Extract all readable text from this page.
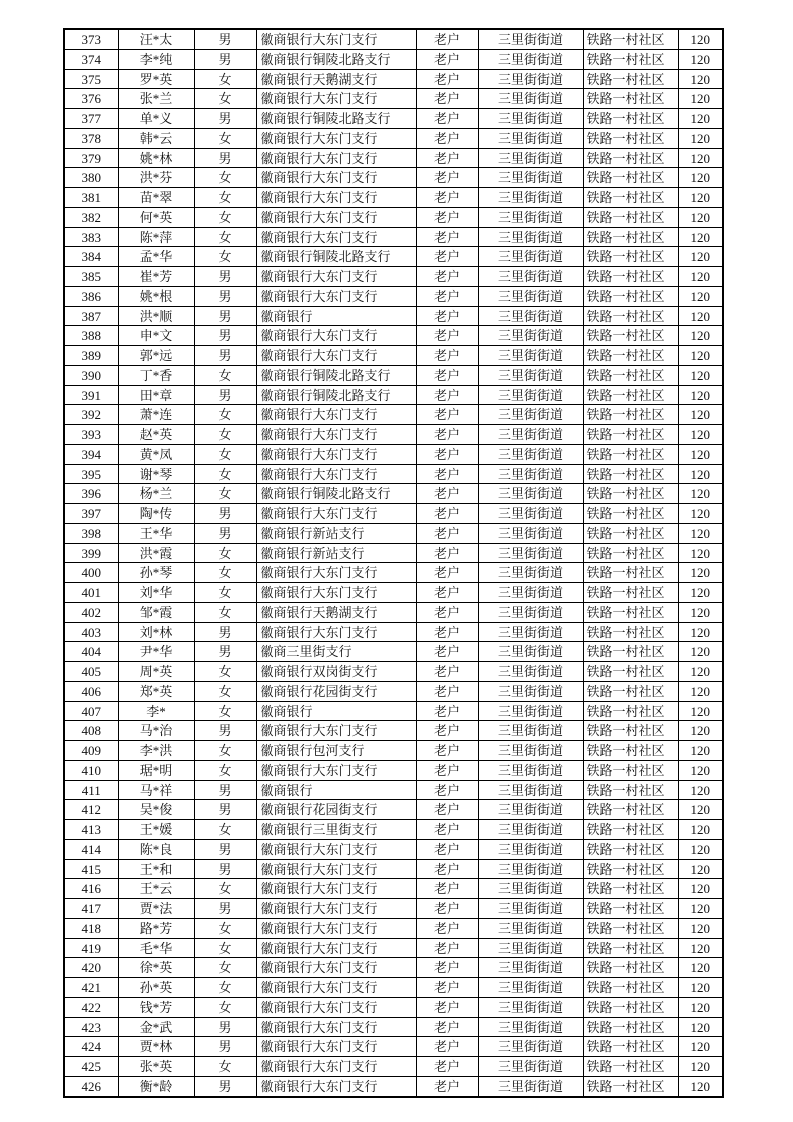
373	汪*太	男	徽商银行大东门支行	老户	三里街街道	铁路一村社区	120
374	李*纯	男	徽商银行铜陵北路支行	老户	三里街街道	铁路一村社区	120
375	罗*英	女	徽商银行天鹅湖支行	老户	三里街街道	铁路一村社区	120
376	张*兰	女	徽商银行大东门支行	老户	三里街街道	铁路一村社区	120
377	单*义	男	徽商银行铜陵北路支行	老户	三里街街道	铁路一村社区	120
378	韩*云	女	徽商银行大东门支行	老户	三里街街道	铁路一村社区	120
379	姚*林	男	徽商银行大东门支行	老户	三里街街道	铁路一村社区	120
380	洪*芬	女	徽商银行大东门支行	老户	三里街街道	铁路一村社区	120
381	苗*翠	女	徽商银行大东门支行	老户	三里街街道	铁路一村社区	120
382	何*英	女	徽商银行大东门支行	老户	三里街街道	铁路一村社区	120
383	陈*萍	女	徽商银行大东门支行	老户	三里街街道	铁路一村社区	120
384	孟*华	女	徽商银行铜陵北路支行	老户	三里街街道	铁路一村社区	120
385	崔*芳	男	徽商银行大东门支行	老户	三里街街道	铁路一村社区	120
386	姚*根	男	徽商银行大东门支行	老户	三里街街道	铁路一村社区	120
387	洪*顺	男	徽商银行	老户	三里街街道	铁路一村社区	120
388	申*文	男	徽商银行大东门支行	老户	三里街街道	铁路一村社区	120
389	郭*远	男	徽商银行大东门支行	老户	三里街街道	铁路一村社区	120
390	丁*香	女	徽商银行铜陵北路支行	老户	三里街街道	铁路一村社区	120
391	田*章	男	徽商银行铜陵北路支行	老户	三里街街道	铁路一村社区	120
392	萧*连	女	徽商银行大东门支行	老户	三里街街道	铁路一村社区	120
393	赵*英	女	徽商银行大东门支行	老户	三里街街道	铁路一村社区	120
394	黄*凤	女	徽商银行大东门支行	老户	三里街街道	铁路一村社区	120
395	谢*琴	女	徽商银行大东门支行	老户	三里街街道	铁路一村社区	120
396	杨*兰	女	徽商银行铜陵北路支行	老户	三里街街道	铁路一村社区	120
397	陶*传	男	徽商银行大东门支行	老户	三里街街道	铁路一村社区	120
398	王*华	男	徽商银行新站支行	老户	三里街街道	铁路一村社区	120
399	洪*霞	女	徽商银行新站支行	老户	三里街街道	铁路一村社区	120
400	孙*琴	女	徽商银行大东门支行	老户	三里街街道	铁路一村社区	120
401	刘*华	女	徽商银行大东门支行	老户	三里街街道	铁路一村社区	120
402	邹*霞	女	徽商银行天鹅湖支行	老户	三里街街道	铁路一村社区	120
403	刘*林	男	徽商银行大东门支行	老户	三里街街道	铁路一村社区	120
404	尹*华	男	徽商三里街支行	老户	三里街街道	铁路一村社区	120
405	周*英	女	徽商银行双岗街支行	老户	三里街街道	铁路一村社区	120
406	郑*英	女	徽商银行花园街支行	老户	三里街街道	铁路一村社区	120
407	李*	女	徽商银行	老户	三里街街道	铁路一村社区	120
408	马*治	男	徽商银行大东门支行	老户	三里街街道	铁路一村社区	120
409	李*洪	女	徽商银行包河支行	老户	三里街街道	铁路一村社区	120
410	琚*明	女	徽商银行大东门支行	老户	三里街街道	铁路一村社区	120
411	马*祥	男	徽商银行	老户	三里街街道	铁路一村社区	120
412	吴*俊	男	徽商银行花园街支行	老户	三里街街道	铁路一村社区	120
413	王*媛	女	徽商银行三里街支行	老户	三里街街道	铁路一村社区	120
414	陈*良	男	徽商银行大东门支行	老户	三里街街道	铁路一村社区	120
415	王*和	男	徽商银行大东门支行	老户	三里街街道	铁路一村社区	120
416	王*云	女	徽商银行大东门支行	老户	三里街街道	铁路一村社区	120
417	贾*法	男	徽商银行大东门支行	老户	三里街街道	铁路一村社区	120
418	路*芳	女	徽商银行大东门支行	老户	三里街街道	铁路一村社区	120
419	毛*华	女	徽商银行大东门支行	老户	三里街街道	铁路一村社区	120
420	徐*英	女	徽商银行大东门支行	老户	三里街街道	铁路一村社区	120
421	孙*英	女	徽商银行大东门支行	老户	三里街街道	铁路一村社区	120
422	钱*芳	女	徽商银行大东门支行	老户	三里街街道	铁路一村社区	120
423	金*武	男	徽商银行大东门支行	老户	三里街街道	铁路一村社区	120
424	贾*林	男	徽商银行大东门支行	老户	三里街街道	铁路一村社区	120
425	张*英	女	徽商银行大东门支行	老户	三里街街道	铁路一村社区	120
426	衡*龄	男	徽商银行大东门支行	老户	三里街街道	铁路一村社区	120
